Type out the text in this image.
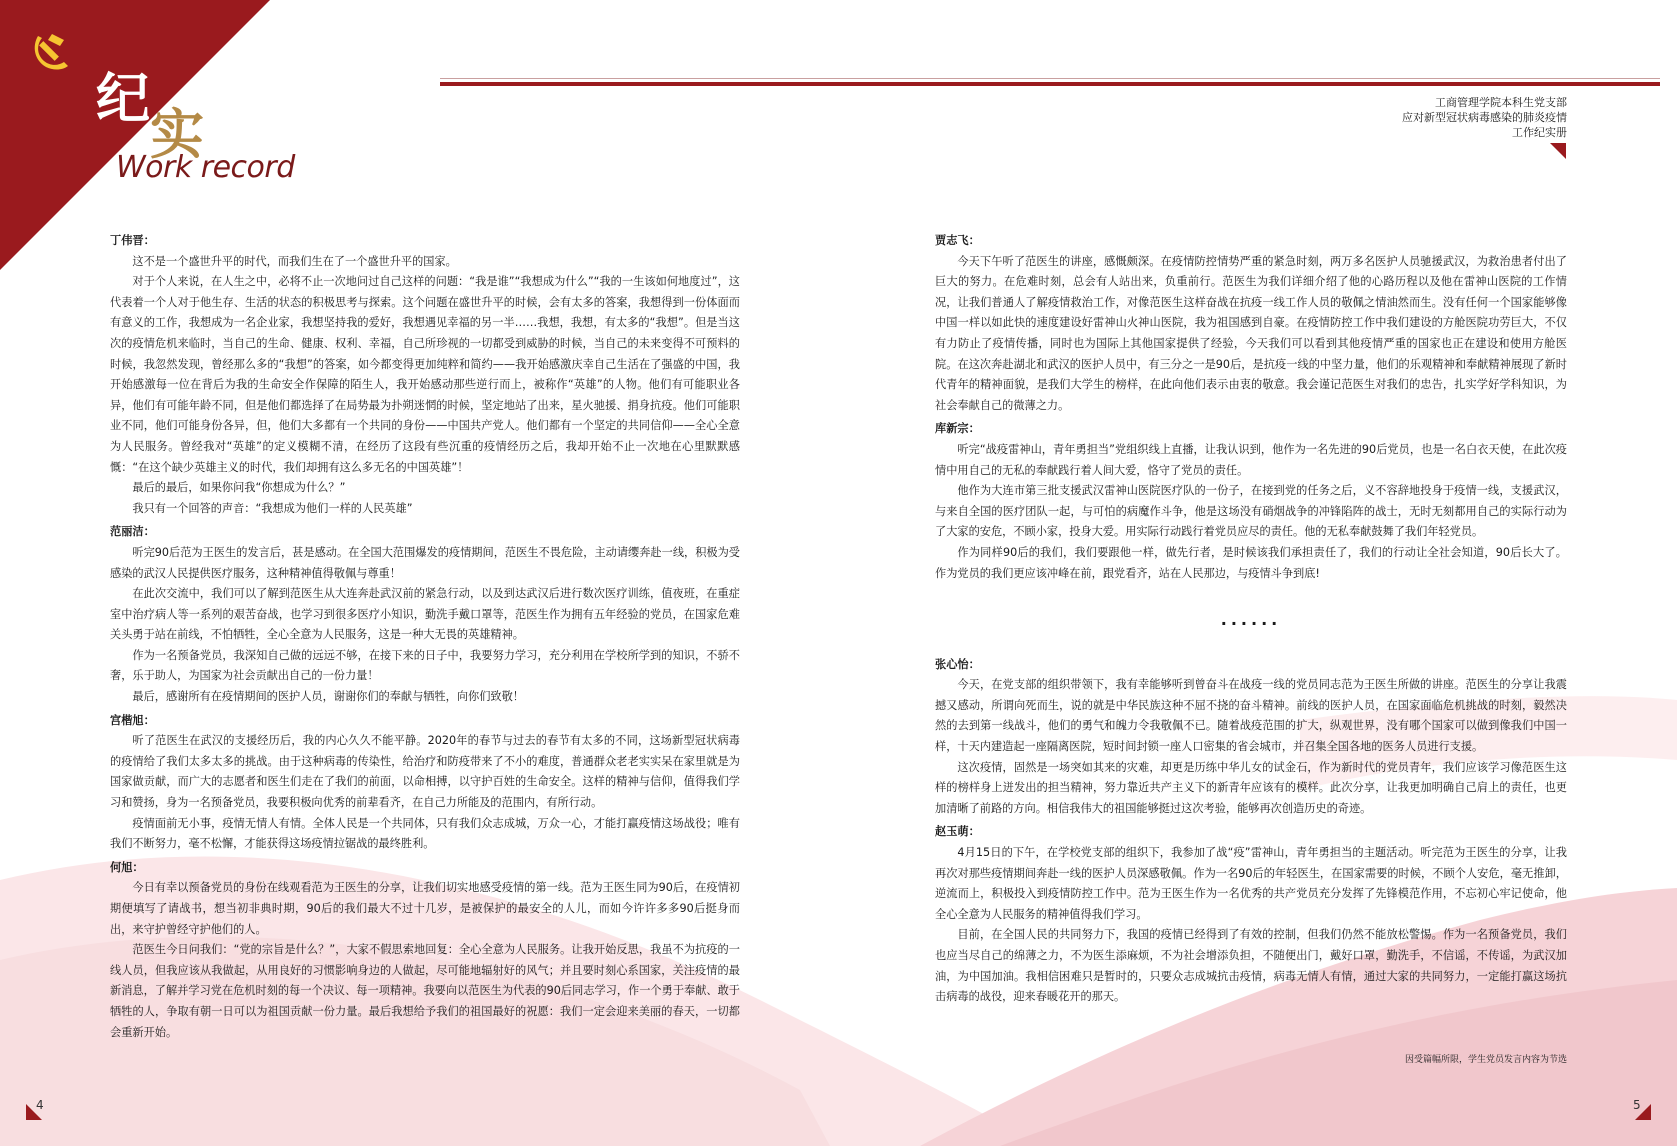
纪
实
Work record
工商管理学院本科生党支部
应对新型冠状病毒感染的肺炎疫情
工作纪实册
丁伟晋：
这不是一个盛世升平的时代，而我们生在了一个盛世升平的国家。
对于个人来说，在人生之中，必将不止一次地问过自己这样的问题：“我是谁”“我想成为什么”“我的一生该如何地度过”，这代表着一个人对于他生存、生活的状态的积极思考与探索。这个问题在盛世升平的时候，会有太多的答案，我想得到一份体面而有意义的工作，我想成为一名企业家，我想坚持我的爱好，我想遇见幸福的另一半……我想，我想，有太多的“我想”。但是当这次的疫情危机来临时，当自己的生命、健康、权利、幸福，自己所珍视的一切都受到威胁的时候，当自己的未来变得不可预料的时候，我忽然发现，曾经那么多的“我想”的答案，如今都变得更加纯粹和简约——我开始感激庆幸自己生活在了强盛的中国，我开始感激每一位在背后为我的生命安全作保障的陌生人，我开始感动那些逆行而上，被称作“英雄”的人物。他们有可能职业各异，他们有可能年龄不同，但是他们都选择了在局势最为扑朔迷惘的时候，坚定地站了出来，星火驰援、捐身抗疫。他们可能职业不同，他们可能身份各异，但，他们大多都有一个共同的身份——中国共产党人。他们都有一个坚定的共同信仰——全心全意为人民服务。曾经我对“英雄”的定义模糊不清，在经历了这段有些沉重的疫情经历之后，我却开始不止一次地在心里默默感慨：“在这个缺少英雄主义的时代，我们却拥有这么多无名的中国英雄”！
最后的最后，如果你问我“你想成为什么？”
我只有一个回答的声音：“我想成为他们一样的人民英雄”
范丽洁：
听完90后范为王医生的发言后，甚是感动。在全国大范围爆发的疫情期间，范医生不畏危险，主动请缨奔赴一线，积极为受感染的武汉人民提供医疗服务，这种精神值得敬佩与尊重！
在此次交流中，我们可以了解到范医生从大连奔赴武汉前的紧急行动，以及到达武汉后进行数次医疗训练，值夜班，在重症室中治疗病人等一系列的艰苦奋战，也学习到很多医疗小知识，勤洗手戴口罩等，范医生作为拥有五年经验的党员，在国家危难关头勇于站在前线，不怕牺牲，全心全意为人民服务，这是一种大无畏的英雄精神。
作为一名预备党员，我深知自己做的远远不够，在接下来的日子中，我要努力学习，充分利用在学校所学到的知识，不骄不奢，乐于助人，为国家为社会贡献出自己的一份力量！
最后，感谢所有在疫情期间的医护人员，谢谢你们的奉献与牺牲，向你们致敬！
宫楷旭：
听了范医生在武汉的支援经历后，我的内心久久不能平静。2020年的春节与过去的春节有太多的不同，这场新型冠状病毒的疫情给了我们太多太多的挑战。由于这种病毒的传染性，给治疗和防疫带来了不小的难度，普通群众老老实实呆在家里就是为国家做贡献，而广大的志愿者和医生们走在了我们的前面，以命相搏，以守护百姓的生命安全。这样的精神与信仰，值得我们学习和赞扬，身为一名预备党员，我要积极向优秀的前辈看齐，在自己力所能及的范围内，有所行动。
疫情面前无小事，疫情无情人有情。全体人民是一个共同体，只有我们众志成城，万众一心，才能打赢疫情这场战役；唯有我们不断努力，毫不松懈，才能获得这场疫情拉锯战的最终胜利。
何旭：
今日有幸以预备党员的身份在线观看范为王医生的分享，让我们切实地感受疫情的第一线。范为王医生同为90后，在疫情初期便填写了请战书，想当初非典时期，90后的我们最大不过十几岁，是被保护的最安全的人儿，而如今许许多多90后挺身而出，来守护曾经守护他们的人。
范医生今日问我们：“党的宗旨是什么？”，大家不假思索地回复：全心全意为人民服务。让我开始反思，我虽不为抗疫的一线人员，但我应该从我做起，从用良好的习惯影响身边的人做起，尽可能地辐射好的风气；并且要时刻心系国家，关注疫情的最新消息，了解并学习党在危机时刻的每一个决议、每一项精神。我要向以范医生为代表的90后同志学习，作一个勇于奉献、敢于牺牲的人，争取有朝一日可以为祖国贡献一份力量。最后我想给予我们的祖国最好的祝愿：我们一定会迎来美丽的春天，一切都会重新开始。
贾志飞：
今天下午听了范医生的讲座，感慨颇深。在疫情防控情势严重的紧急时刻，两万多名医护人员驰援武汉，为救治患者付出了巨大的努力。在危难时刻，总会有人站出来，负重前行。范医生为我们详细介绍了他的心路历程以及他在雷神山医院的工作情况，让我们普通人了解疫情救治工作，对像范医生这样奋战在抗疫一线工作人员的敬佩之情油然而生。没有任何一个国家能够像中国一样以如此快的速度建设好雷神山火神山医院，我为祖国感到自豪。在疫情防控工作中我们建设的方舱医院功劳巨大，不仅有力防止了疫情传播，同时也为国际上其他国家提供了经验，今天我们可以看到其他疫情严重的国家也正在建设和使用方舱医院。在这次奔赴湖北和武汉的医护人员中，有三分之一是90后，是抗疫一线的中坚力量，他们的乐观精神和奉献精神展现了新时代青年的精神面貌，是我们大学生的榜样，在此向他们表示由衷的敬意。我会谨记范医生对我们的忠告，扎实学好学科知识，为社会奉献自己的微薄之力。
库新宗：
听完“战疫雷神山，青年勇担当”党组织线上直播，让我认识到，他作为一名先进的90后党员，也是一名白衣天使，在此次疫情中用自己的无私的奉献践行着人间大爱，恪守了党员的责任。
他作为大连市第三批支援武汉雷神山医院医疗队的一份子，在接到党的任务之后，义不容辞地投身于疫情一线，支援武汉，与来自全国的医疗团队一起，与可怕的病魔作斗争，他是这场没有硝烟战争的冲锋陷阵的战士，无时无刻都用自己的实际行动为了大家的安危，不顾小家，投身大爱。用实际行动践行着党员应尽的责任。他的无私奉献鼓舞了我们年轻党员。
作为同样90后的我们，我们要跟他一样，做先行者，是时候该我们承担责任了，我们的行动让全社会知道，90后长大了。作为党员的我们更应该冲峰在前，跟党看齐，站在人民那边，与疫情斗争到底!
......
张心怡：
今天，在党支部的组织带领下，我有幸能够听到曾奋斗在战疫一线的党员同志范为王医生所做的讲座。范医生的分享让我震撼又感动，所谓向死而生，说的就是中华民族这种不屈不挠的奋斗精神。前线的医护人员，在国家面临危机挑战的时刻，毅然决然的去到第一线战斗，他们的勇气和魄力令我敬佩不已。随着战疫范围的扩大，纵观世界，没有哪个国家可以做到像我们中国一样，十天内建造起一座隔离医院，短时间封锁一座人口密集的省会城市，并召集全国各地的医务人员进行支援。
这次疫情，固然是一场突如其来的灾难，却更是历练中华儿女的试金石，作为新时代的党员青年，我们应该学习像范医生这样的榜样身上迸发出的担当精神，努力靠近共产主义下的新青年应该有的模样。此次分享，让我更加明确自己肩上的责任，也更加清晰了前路的方向。相信我伟大的祖国能够挺过这次考验，能够再次创造历史的奇迹。
赵玉萌：
4月15日的下午，在学校党支部的组织下，我参加了战“疫”雷神山，青年勇担当的主题活动。听完范为王医生的分享，让我再次对那些疫情期间奔赴一线的医护人员深感敬佩。作为一名90后的年轻医生，在国家需要的时候，不顾个人安危，毫无推卸，逆流而上，积极投入到疫情防控工作中。范为王医生作为一名优秀的共产党员充分发挥了先锋模范作用，不忘初心牢记使命，他全心全意为人民服务的精神值得我们学习。
目前，在全国人民的共同努力下，我国的疫情已经得到了有效的控制，但我们仍然不能放松警惕。作为一名预备党员，我们也应当尽自己的绵薄之力，不为医生添麻烦，不为社会增添负担，不随便出门，戴好口罩，勤洗手，不信谣，不传谣，为武汉加油，为中国加油。我相信困难只是暂时的，只要众志成城抗击疫情，病毒无情人有情，通过大家的共同努力，一定能打赢这场抗击病毒的战役，迎来春暖花开的那天。
因受篇幅所限，学生党员发言内容为节选
4	5
